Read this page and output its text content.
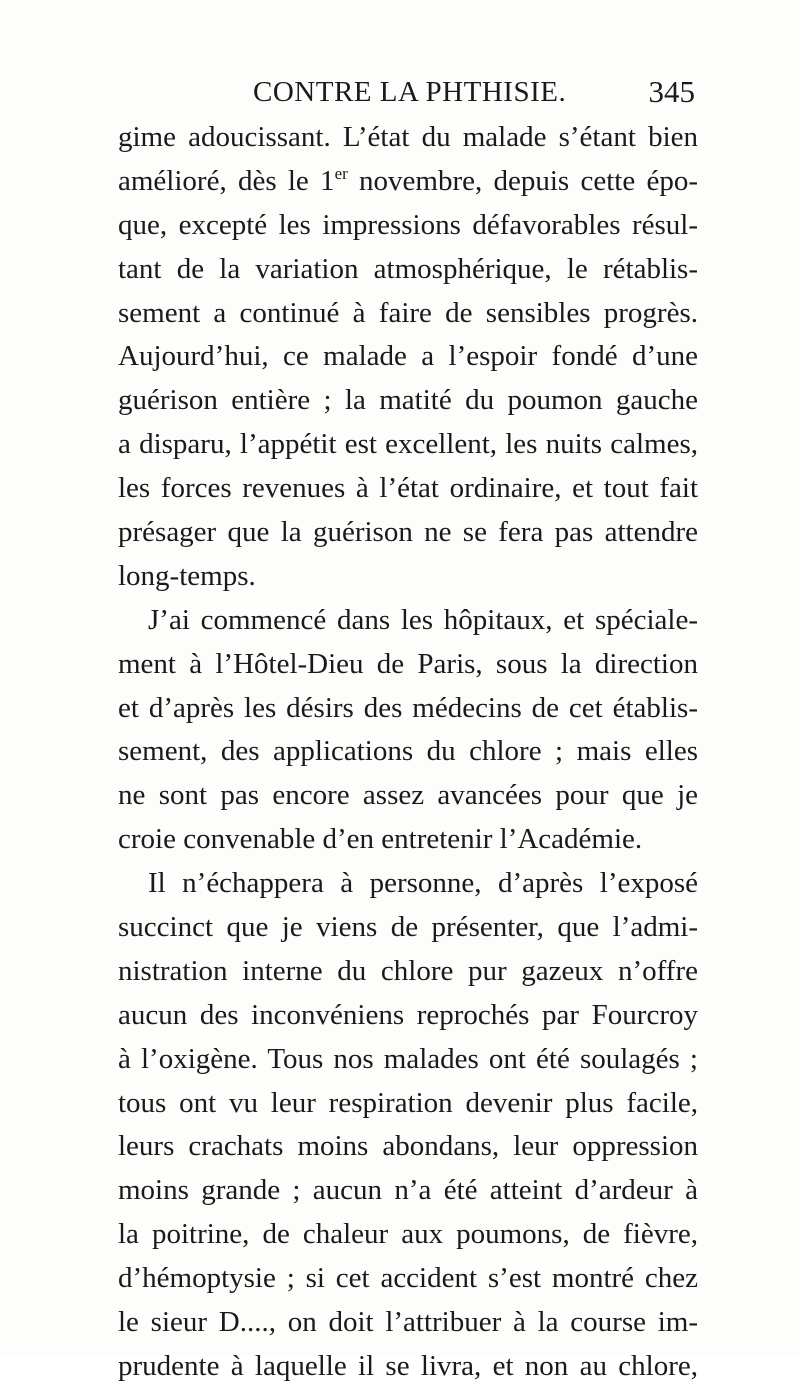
CONTRE LA PHTHISIE.	345
gime adoucissant. L’état du malade s’étant bien
amélioré, dès le 1er novembre, depuis cette épo-
que, excepté les impressions défavorables résul-
tant de la variation atmosphérique, le rétablis-
sement a continué à faire de sensibles progrès.
Aujourd’hui, ce malade a l’espoir fondé d’une
guérison entière ; la matité du poumon gauche
a disparu, l’appétit est excellent, les nuits calmes,
les forces revenues à l’état ordinaire, et tout fait
présager que la guérison ne se fera pas attendre
long-temps.
J’ai commencé dans les hôpitaux, et spéciale-
ment à l’Hôtel-Dieu de Paris, sous la direction
et d’après les désirs des médecins de cet établis-
sement, des applications du chlore ; mais elles
ne sont pas encore assez avancées pour que je
croie convenable d’en entretenir l’Académie.
Il n’échappera à personne, d’après l’exposé
succinct que je viens de présenter, que l’admi-
nistration interne du chlore pur gazeux n’offre
aucun des inconvéniens reprochés par Fourcroy
à l’oxigène. Tous nos malades ont été soulagés ;
tous ont vu leur respiration devenir plus facile,
leurs crachats moins abondans, leur oppression
moins grande ; aucun n’a été atteint d’ardeur à
la poitrine, de chaleur aux poumons, de fièvre,
d’hémoptysie ; si cet accident s’est montré chez
le sieur D...., on doit l’attribuer à la course im-
prudente à laquelle il se livra, et non au chlore,
